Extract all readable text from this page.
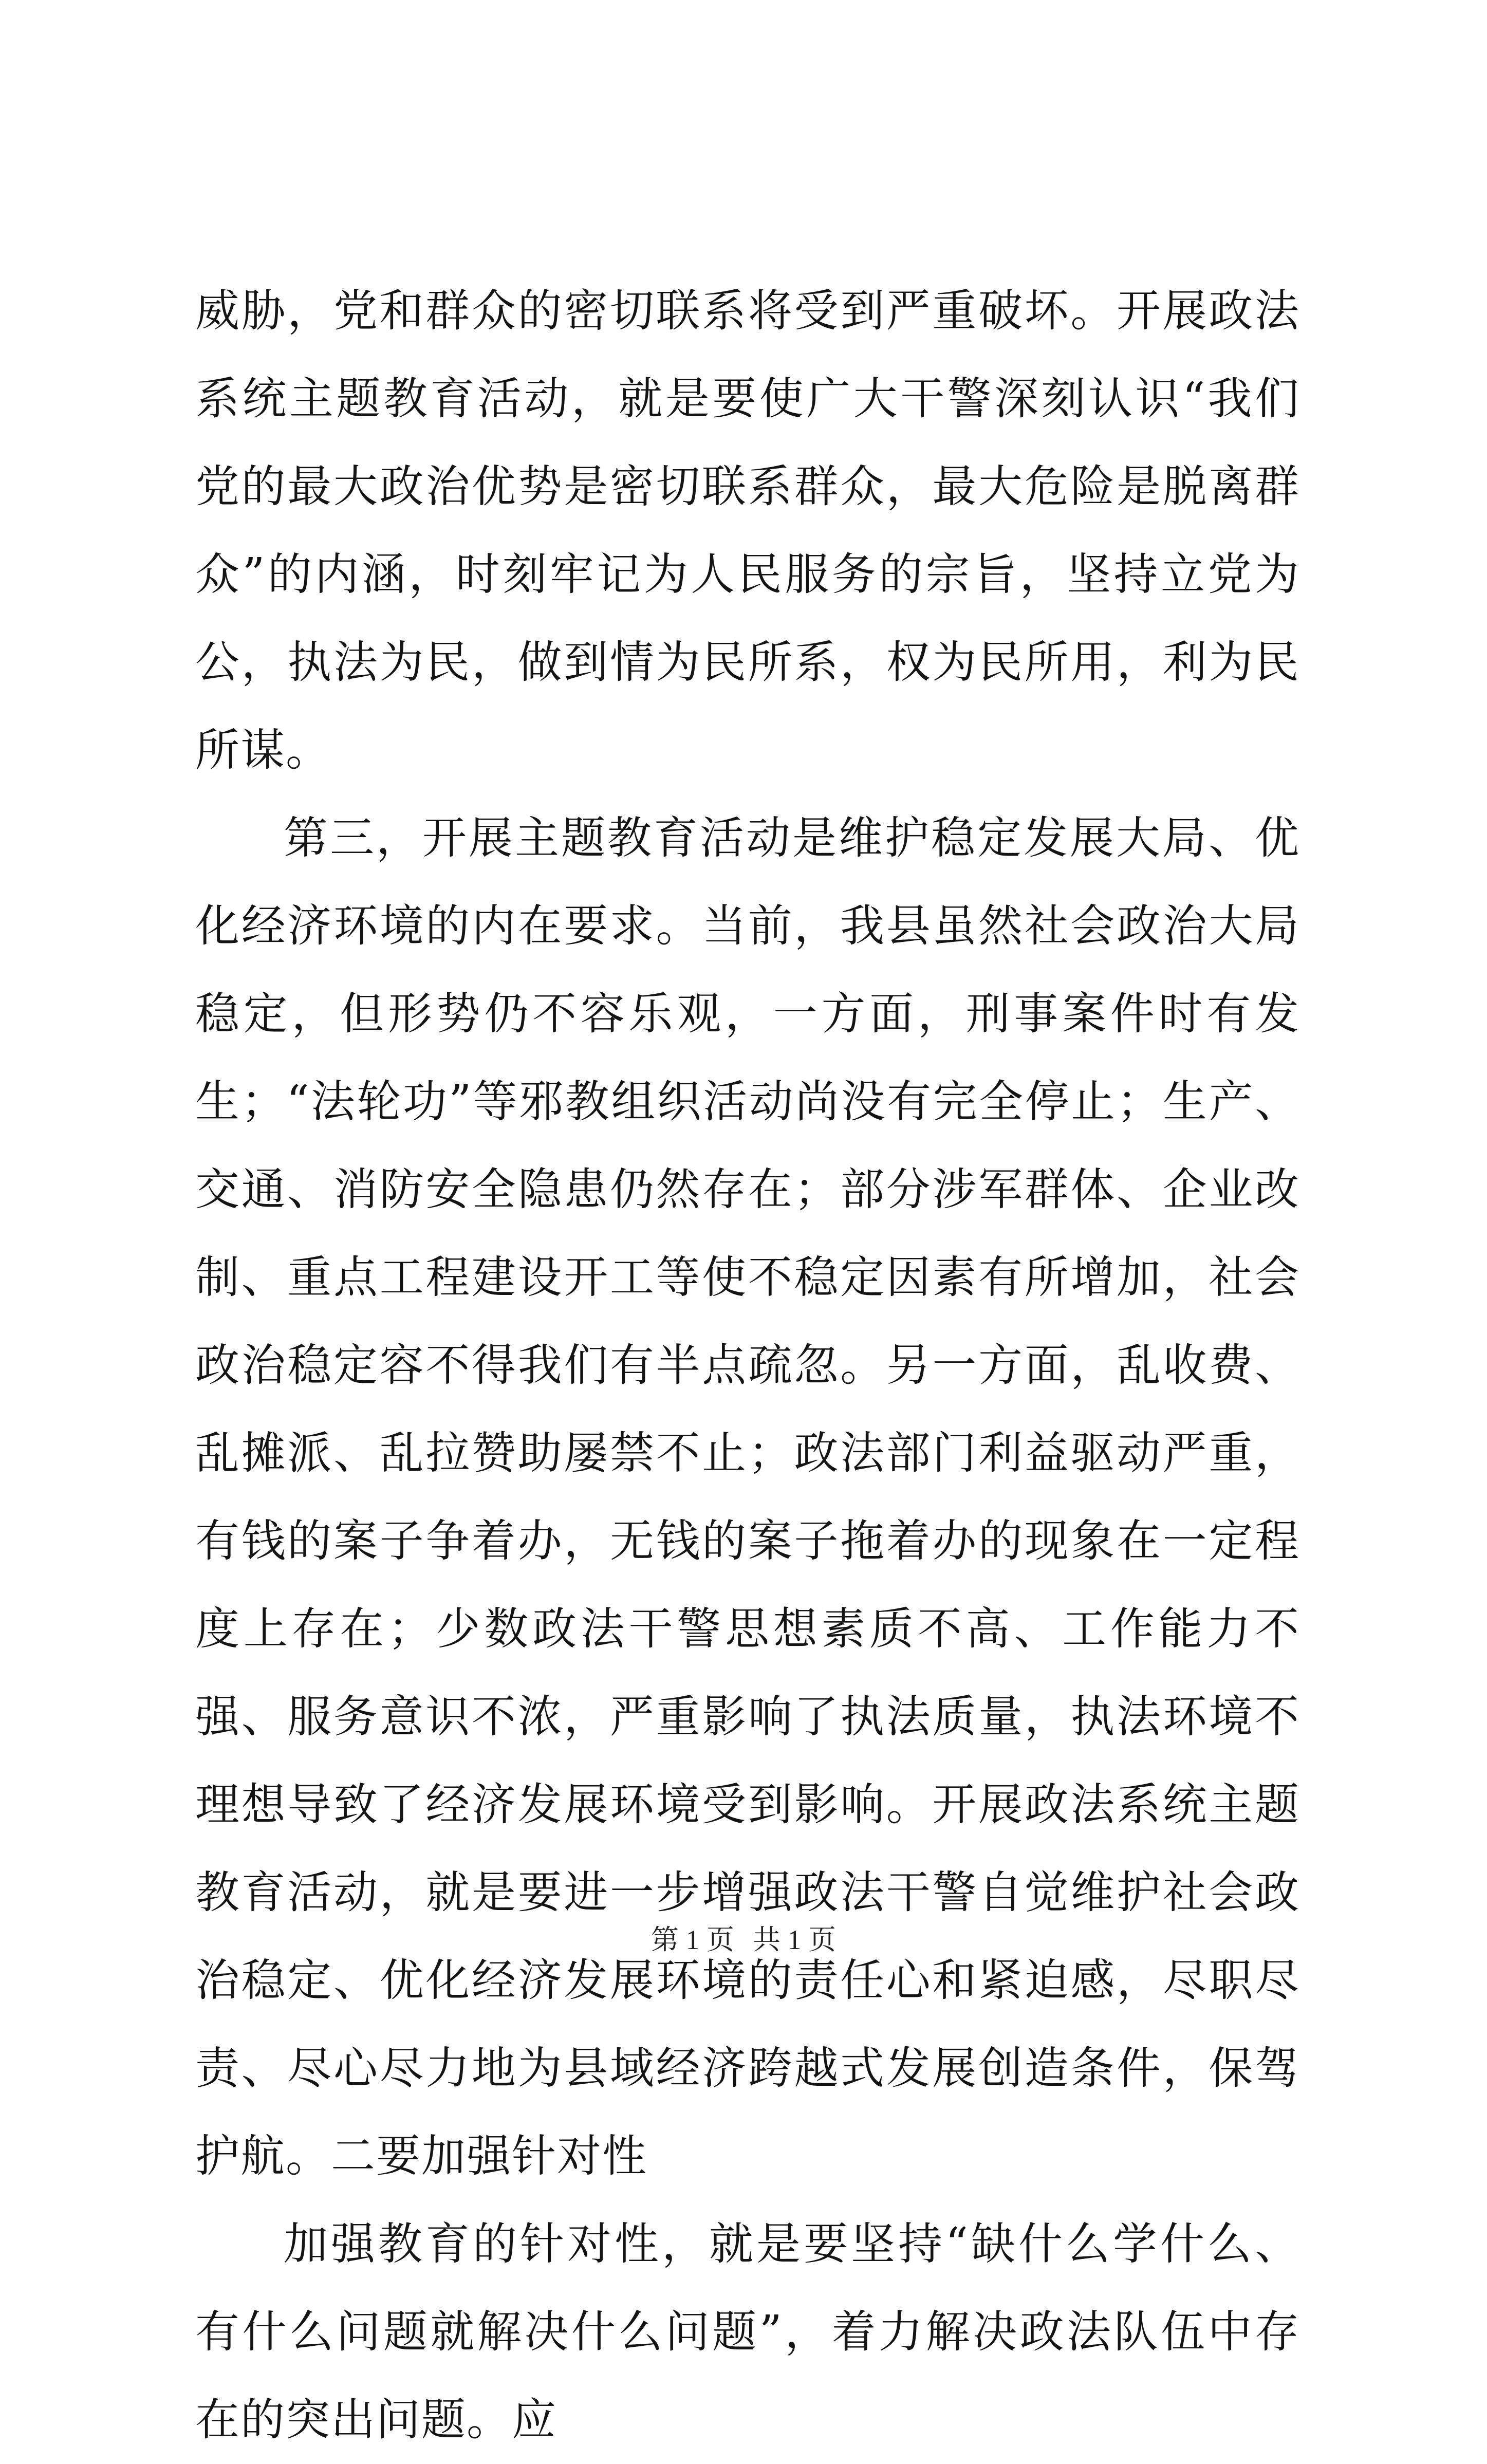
威胁，党和群众的密切联系将受到严重破坏。开展政法系统主题教育活动，就是要使广大干警深刻认识“我们党的最大政治优势是密切联系群众，最大危险是脱离群众”的内涵，时刻牢记为人民服务的宗旨，坚持立党为公，执法为民，做到情为民所系，权为民所用，利为民所谋。

第三，开展主题教育活动是维护稳定发展大局、优化经济环境的内在要求。当前，我县虽然社会政治大局稳定，但形势仍不容乐观，一方面，刑事案件时有发生；“法轮功”等邪教组织活动尚没有完全停止；生产、交通、消防安全隐患仍然存在；部分涉军群体、企业改制、重点工程建设开工等使不稳定因素有所增加，社会政治稳定容不得我们有半点疏忽。另一方面，乱收费、乱摊派、乱拉赞助屡禁不止；政法部门利益驱动严重，有钱的案子争着办，无钱的案子拖着办的现象在一定程度上存在；少数政法干警思想素质不高、工作能力不强、服务意识不浓，严重影响了执法质量，执法环境不理想导致了经济发展环境受到影响。开展政法系统主题教育活动，就是要进一步增强政法干警自觉维护社会政治稳定、优化经济发展环境的责任心和紧迫感，尽职尽责、尽心尽力地为县域经济跨越式发展创造条件，保驾护航。二要加强针对性

加强教育的针对性，就是要坚持“缺什么学什么、有什么问题就解决什么问题”，着力解决政法队伍中存在的突出问题。应

第 1 页 共 1 页
